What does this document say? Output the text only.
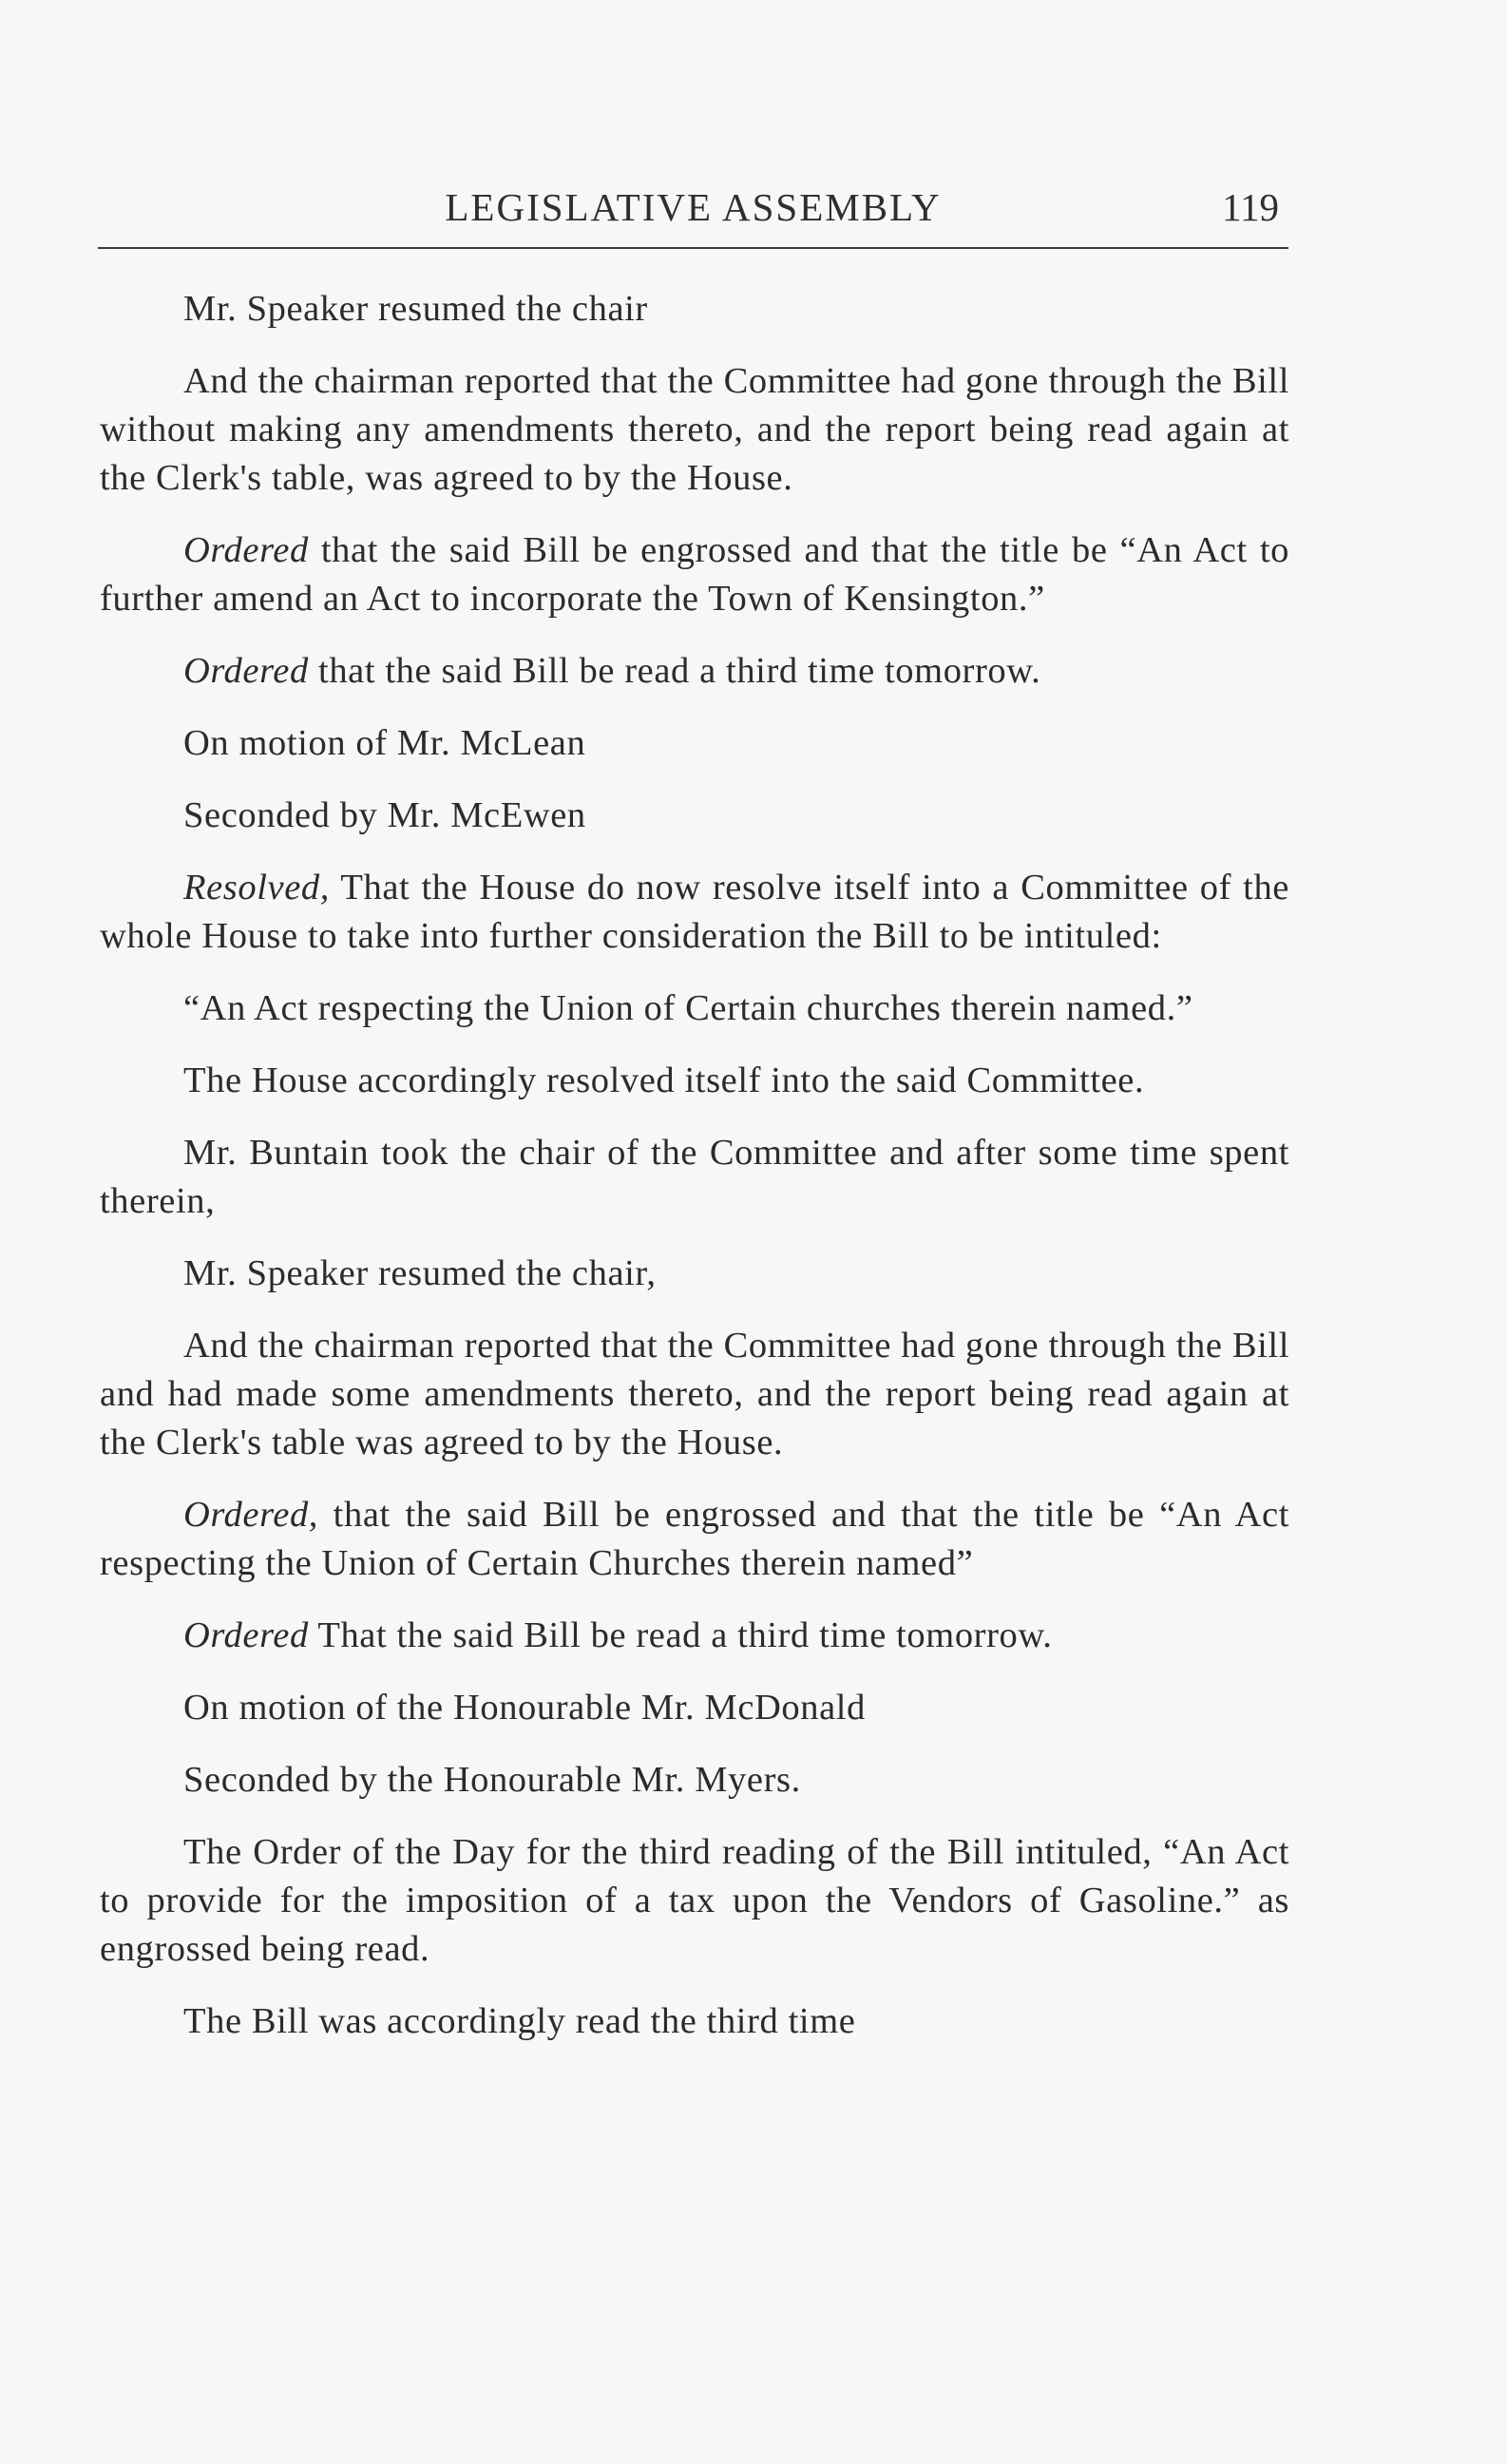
LEGISLATIVE ASSEMBLY	119

Mr. Speaker resumed the chair

And the chairman reported that the Committee had gone through the Bill without making any amendments thereto, and the report being read again at the Clerk's table, was agreed to by the House.

Ordered that the said Bill be engrossed and that the title be “An Act to further amend an Act to incorporate the Town of Kensington.”

Ordered that the said Bill be read a third time tomorrow.

On motion of Mr. McLean

Seconded by Mr. McEwen

Resolved, That the House do now resolve itself into a Committee of the whole House to take into further consideration the Bill to be intituled:

“An Act respecting the Union of Certain churches therein named.”

The House accordingly resolved itself into the said Committee.

Mr. Buntain took the chair of the Committee and after some time spent therein,

Mr. Speaker resumed the chair,

And the chairman reported that the Committee had gone through the Bill and had made some amendments thereto, and the report being read again at the Clerk's table was agreed to by the House.

Ordered, that the said Bill be engrossed and that the title be “An Act respecting the Union of Certain Churches therein named”

Ordered That the said Bill be read a third time tomorrow.

On motion of the Honourable Mr. McDonald

Seconded by the Honourable Mr. Myers.

The Order of the Day for the third reading of the Bill intituled, “An Act to provide for the imposition of a tax upon the Vendors of Gasoline.” as engrossed being read.

The Bill was accordingly read the third time
